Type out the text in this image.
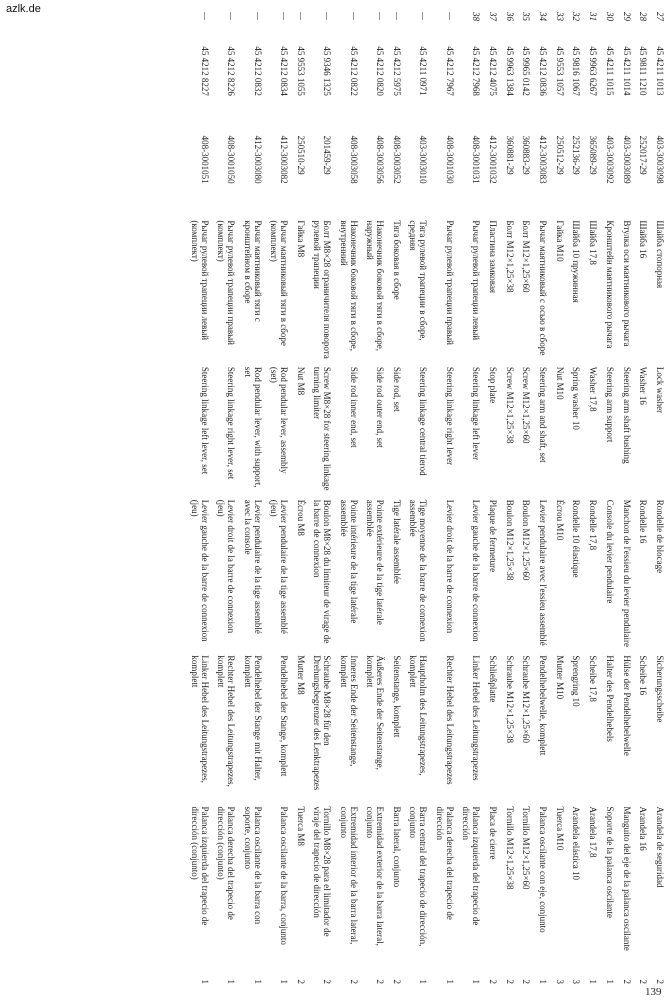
azlk.de
27	45 4211 1013	403-3003098	Шайба стопорная	Lock washer	Rondelle de blocage	Sicherungsscheibe	Arandela de seguridad	2
28	45 9811 1210	252017-29	Шайба 16	Washer 16	Rondelle 16	Scheibe 16	Arandela 16	2
29	45 4211 1014	403-3003089	Втулка оси маятникового рычага	Steering arm shaft bushing	Manchon de l'essieu du levier pendulaire	Hülse der Pendelhebelwelle	Manguito del eje de la palanca oscilante	2
30	45 4211 1015	403-3003092	Кронштейн маятникового рычага	Steering arm support	Console du levier pendulaire	Halter des Pendelhebels	Soporte de la palanca oscilante	1
31	45 9963 6267	365089-29	Шайба 17,8	Washer 17,8	Rondelle 17,8	Scheibe 17,8	Arandela 17,8	1
32	45 9816 1067	252136-29	Шайба 10 пружинная	Spring washer 10	Rondelle 10 élastique	Sprengring 10	Arandela elástica 10	3
33	45 9553 1057	250512-29	Гайка М10	Nut M10	Écrou M10	Mutter M10	Tuerca M10	3
34	45 4212 0836	412-3003083	Рычаг маятниковый с осью в сборе	Steering arm and shaft, set	Levier pendulaire avec l'essieu assemblé	Pendelhebelwelle, komplett	Palanca oscilante con eje, conjunto	1
35	45 9965 0142	360883-29	Болт М12×1,25×60	Screw M12×1,25×60	Boulon M12×1,25×60	Schraube M12×1,25×60	Tornillo M12×1,25×60	2
36	45 9963 1384	360881-29	Болт М12×1,25×38	Screw M12×1,25×38	Boulon M12×1,25×38	Schraube M12×1,25×38	Tornillo M12×1,25×38	2
37	45 4212 4075	412-3001032	Пластина замковая	Stop plate	Plaque de fermeture	Schließplatte	Placa de cierre	2
38	45 4212 7968	408-3001031	Рычаг рулевой трапеции левый	Steering linkage left lever	Levier gauche de la barre de connexion	Linker Hebel des Leitungstrapezes	Palanca izquierda del trapecio de dirección	1
—	45 4212 7967	408-3001030	Рычаг рулевой трапеции правый	Steering linkage right lever	Levier droit de la barre de connexion	Rechter Hebel des Leitungstrapezes	Palanca derecha del trapecio de dirección	1
—	45 4211 0971	403-3003010	Тяга рулевой трапеции в сборе, средняя	Steering linkage central tierod	Tige moyenne de la barre de connexion assemblée	Hauptholm des Leitungstrapezes, komplett	Barra central del trapecio de dirección, conjunto	1
—	45 4212 5975	408-3003052	Тяга боковая в сборе	Side rod, set	Tige latérale assemblée	Seitenstange, komplett	Barra lateral, conjunto	2
—	45 4212 0820	408-3003056	Наконечник боковой тяги в сборе, наружный	Side rod outer end, set	Pointe extérieure de la tige latérale assemblée	Äußeres Ende der Seitenstange, komplett	Extremidad exterior de la barra lateral, conjunto	2
—	45 4212 0822	408-3003058	Наконечник боковой тяги в сборе, внутренний	Side rod inner end, set	Pointe intérieure de la tige latérale assemblée	Inneres Ende der Seitenstange, komplett	Extremidad interior de la barra lateral, conjunto	2
—	45 9346 1325	201459-29	Болт М8×28 ограничителя поворота рулевой трапеции	Screw M8×28 for steering linkage turning limiter	Boulon M8×28 du limiteur de virage de la barre de connexion	Schraube M8×28 für den Drehungsbegrenzer des Lenktrapezes	Tornillo M8×28 para el limitador de viraje del trapecio de dirección	2
—	45 9553 1055	250510-29	Гайка М8	Nut M8	Écrou M8	Mutter M8	Tuerca M8	2
—	45 4212 0834	412-3003082	Рычаг маятниковый тяги в сборе (комплект)	Rod pendular lever, assembly (set)	Levier pendulaire de la tige assemblé (jeu)	Pendelhebel der Stange, komplett	Palanca oscilante de la barra, conjunto	1
—	45 4212 0832	412-3003080	Рычаг маятниковый тяги с кронштейном в сборе	Rod pendular lever, with support, set	Levier pendulaire de la tige assemblé avec la console	Pendelhebel der Stange mit Halter, komplett	Palanca oscilante de la barra con soporte, conjunto	1
—	45 4212 8226	408-3001050	Рычаг рулевой трапеции правый (комплект)	Steering linkage right lever, set	Levier droit de la barre de connexion (jeu)	Rechter Hebel des Leitungstrapezes, komplett	Palanca derecha del trapecio de dirección (conjunto)	1
—	45 4212 8227	408-3001051	Рычаг рулевой трапеции левый (комплект)	Steering linkage left lever, set	Levier gauche de la barre de connexion (jeu)	Linker Hebel des Leitungstrapezes, komplett	Palanca izquierda del trapecio de dirección (conjunto)	1
139
